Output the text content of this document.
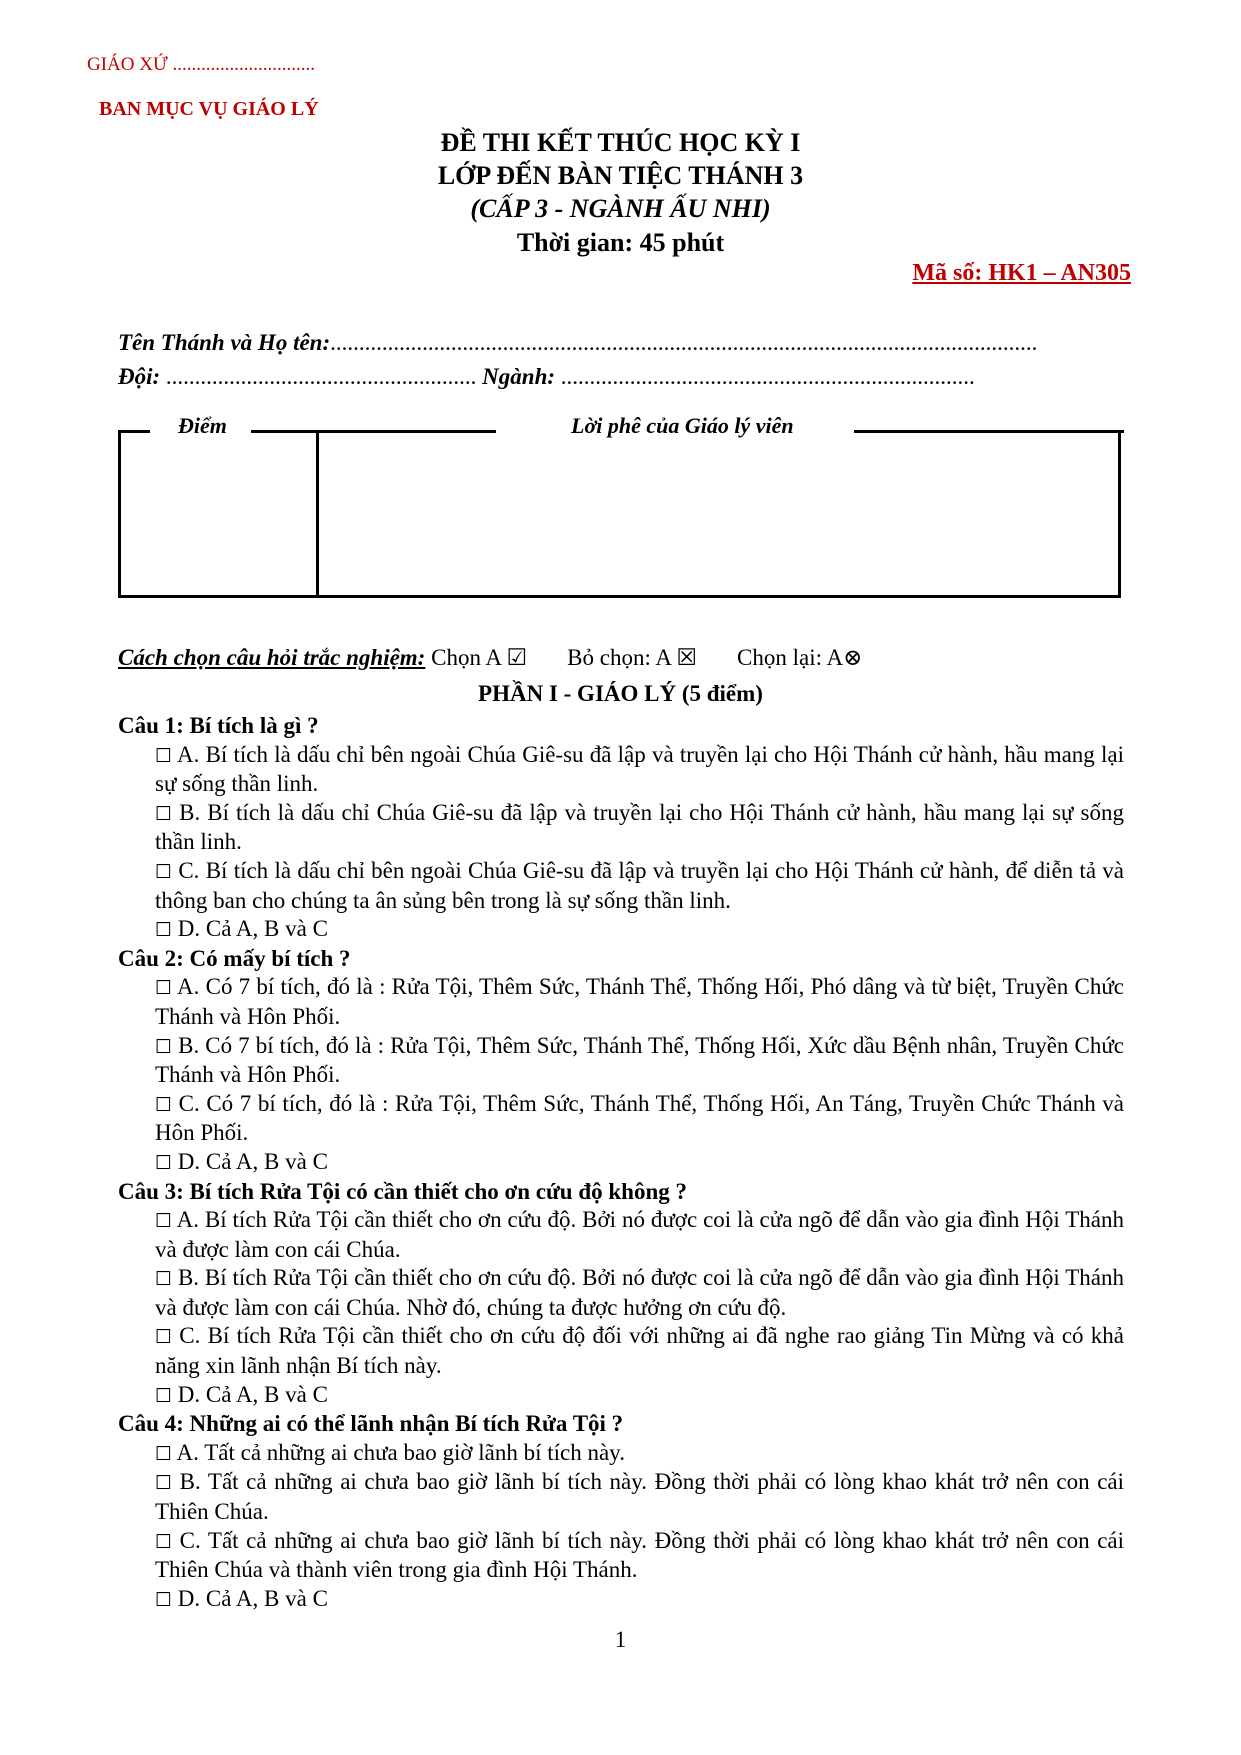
GIÁO XỨ ..............................
BAN MỤC VỤ GIÁO LÝ
ĐỀ THI KẾT THÚC HỌC KỲ I
LỚP ĐẾN BÀN TIỆC THÁNH 3
(CẤP 3 - NGÀNH ẤU NHI)
Thời gian: 45 phút
Mã số: HK1 – AN305
Tên Thánh và Họ tên:...........................................................................................................................
Đội: ...................................................... Ngành: ........................................................................
Điểm	Lời phê của Giáo lý viên
Cách chọn câu hỏi trắc nghiệm: Chọn A ☑ Bỏ chọn: A ☒ Chọn lại: A⊗
PHẦN I - GIÁO LÝ (5 điểm)

Câu 1: Bí tích là gì ?

☐ A. Bí tích là dấu chỉ bên ngoài Chúa Giê-su đã lập và truyền lại cho Hội Thánh cử hành, hầu mang lại sự sống thần linh.

☐ B. Bí tích là dấu chỉ Chúa Giê-su đã lập và truyền lại cho Hội Thánh cử hành, hầu mang lại sự sống thần linh.

☐ C. Bí tích là dấu chỉ bên ngoài Chúa Giê-su đã lập và truyền lại cho Hội Thánh cử hành, để diễn tả và thông ban cho chúng ta ân sủng bên trong là sự sống thần linh.

☐ D. Cả A, B và C

Câu 2: Có mấy bí tích ?

☐ A. Có 7 bí tích, đó là : Rửa Tội, Thêm Sức, Thánh Thể, Thống Hối, Phó dâng và từ biệt, Truyền Chức Thánh và Hôn Phối.

☐ B. Có 7 bí tích, đó là : Rửa Tội, Thêm Sức, Thánh Thể, Thống Hối, Xức dầu Bệnh nhân, Truyền Chức Thánh và Hôn Phối.

☐ C. Có 7 bí tích, đó là : Rửa Tội, Thêm Sức, Thánh Thể, Thống Hối, An Táng, Truyền Chức Thánh và Hôn Phối.

☐ D. Cả A, B và C

Câu 3: Bí tích Rửa Tội có cần thiết cho ơn cứu độ không ?

☐ A. Bí tích Rửa Tội cần thiết cho ơn cứu độ. Bởi nó được coi là cửa ngõ để dẫn vào gia đình Hội Thánh và được làm con cái Chúa.

☐ B. Bí tích Rửa Tội cần thiết cho ơn cứu độ. Bởi nó được coi là cửa ngõ để dẫn vào gia đình Hội Thánh và được làm con cái Chúa. Nhờ đó, chúng ta được hưởng ơn cứu độ.

☐ C. Bí tích Rửa Tội cần thiết cho ơn cứu độ đối với những ai đã nghe rao giảng Tin Mừng và có khả năng xin lãnh nhận Bí tích này.

☐ D. Cả A, B và C

Câu 4: Những ai có thể lãnh nhận Bí tích Rửa Tội ?

☐ A. Tất cả những ai chưa bao giờ lãnh bí tích này.

☐ B. Tất cả những ai chưa bao giờ lãnh bí tích này. Đồng thời phải có lòng khao khát trở nên con cái Thiên Chúa.

☐ C. Tất cả những ai chưa bao giờ lãnh bí tích này. Đồng thời phải có lòng khao khát trở nên con cái Thiên Chúa và thành viên trong gia đình Hội Thánh.

☐ D. Cả A, B và C

1
